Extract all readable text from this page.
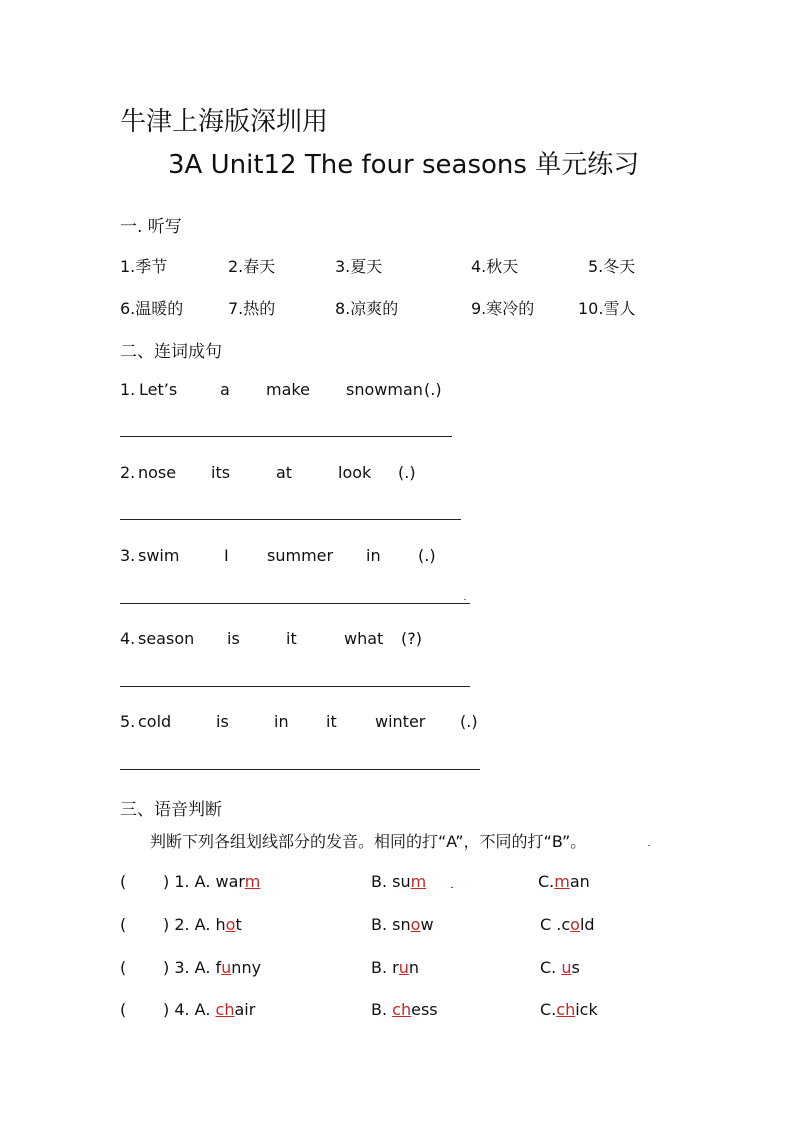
牛津上海版深圳用
3A Unit12 The four seasons 单元练习
一. 听写
1.季节	2.春天	3.夏天	4.秋天	5.冬天
6.温暖的	7.热的	8.凉爽的	9.寒冷的	10.雪人
二、连词成句
1. Let’s	a make snowman (.)
2. nose its	at	look (.)
3. swim	I summer in (.)
4. season is	it	what (?)
5. cold	is	in it winter (.)
三、语音判断
判断下列各组划线部分的发音。相同的打“A”，不同的打“B”。
( ) 1. A. warm	B. sum	C.man
( ) 2. A. hot	B. snow	C .cold
( ) 3. A. funny	B. run	C. us
( ) 4. A. chair	B. chess	C.chick
